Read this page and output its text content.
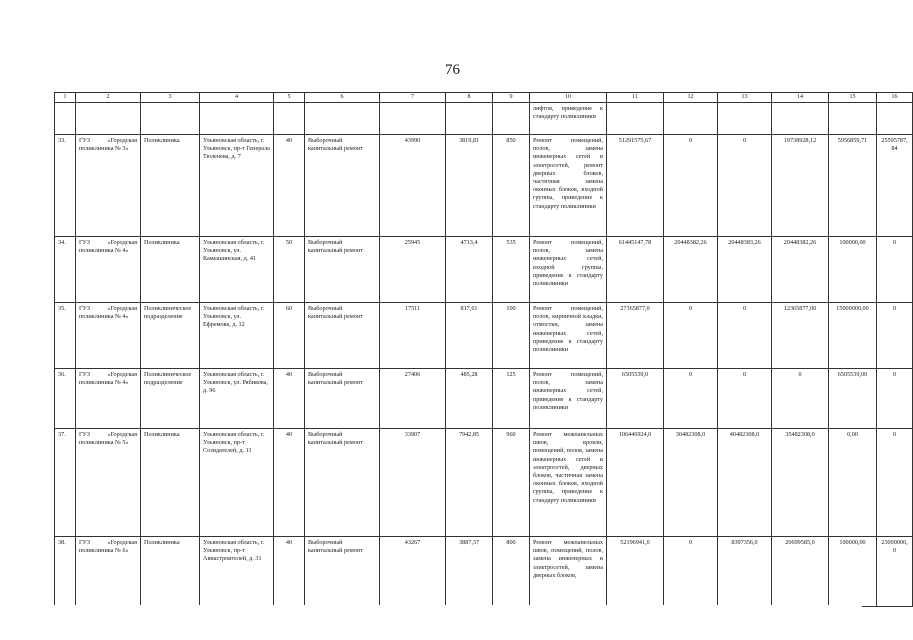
76
1	2	3	4	5	6	7	8	9	10	11	12	13	14	15	16
									лифтов, приведение к стандарту поликлиники						
33.	ГУЗ «Городская поликлиника № 3»	Поликлиника	Ульяновская область, г. Ульяновск, пр-т Генерала Тюленева, д. 7	40	Выборочный капитальный ремонт	43990	3819,81	850	Ремонт помещений, полов, замена инженерных сетей и электросетей, ремонт дверных блоков, частичная замена оконных блоков, входной группы, приведение к стандарту поликлиники	51291575,67	0	0	19738928,12	5956859,71	25595787,84
34.	ГУЗ «Городская поликлиника № 4»	Поликлиника	Ульяновская область, г. Ульяновск, ул. Камышинская, д. 41	50	Выборочный капитальный ремонт	25945	4713,4	535	Ремонт помещений, полов, замена инженерных сетей, входной группы, приведение к стандарту поликлиники	61445147,78	20448382,26	20448383,26	20448382,26	100000,00	0
35.	ГУЗ «Городская поликлиника № 4»	Поликлиническое подразделение	Ульяновская область, г. Ульяновск, ул. Ефремова, д. 12	60	Выборочный капитальный ремонт	17511	817,61	100	Ремонт помещений, полов, кирпичной кладки, отмостки, замена инженерных сетей, приведение к стандарту поликлиники	27365877,0	0	0	12365877,00	15000000,00	0
36.	ГУЗ «Городская поликлиника № 4»	Поликлиническое подразделение	Ульяновская область, г. Ульяновск, ул. Рябикова, д. 96	40	Выборочный капитальный ремонт	27406	485,28	125	Ремонт помещений, полов, замена инженерных сетей, приведение к стандарту поликлиники	6505539,0	0	0	0	6505539,00	0
37.	ГУЗ «Городская поликлиника № 5»	Поликлиника	Ульяновская область, г. Ульяновск, пр-т Созидателей, д. 11	40	Выборочный капитальный ремонт	33907	7942,85	960	Ремонт межпанельных швов, кровли, помещений, полов, замена инженерных сетей и электросетей, дверных блоков, частичная замена оконных блоков, входной группы, приведение к стандарту поликлиники	106446924,0	30482308,0	40482308,0	35482308,0	0,00	0
38.	ГУЗ «Городская поликлиника № 6»	Поликлиника	Ульяновская область, г. Ульяновск, пр-т Авиастроителей, д. 31	40	Выборочный капитальный ремонт	43267	3887,37	800	Ремонт межпанельных швов, помещений, полов, замена инженерных и электросетей, замена дверных блоков,	52196941,0	0	8397356,0	20699585,0	100000,00	23000000,0
